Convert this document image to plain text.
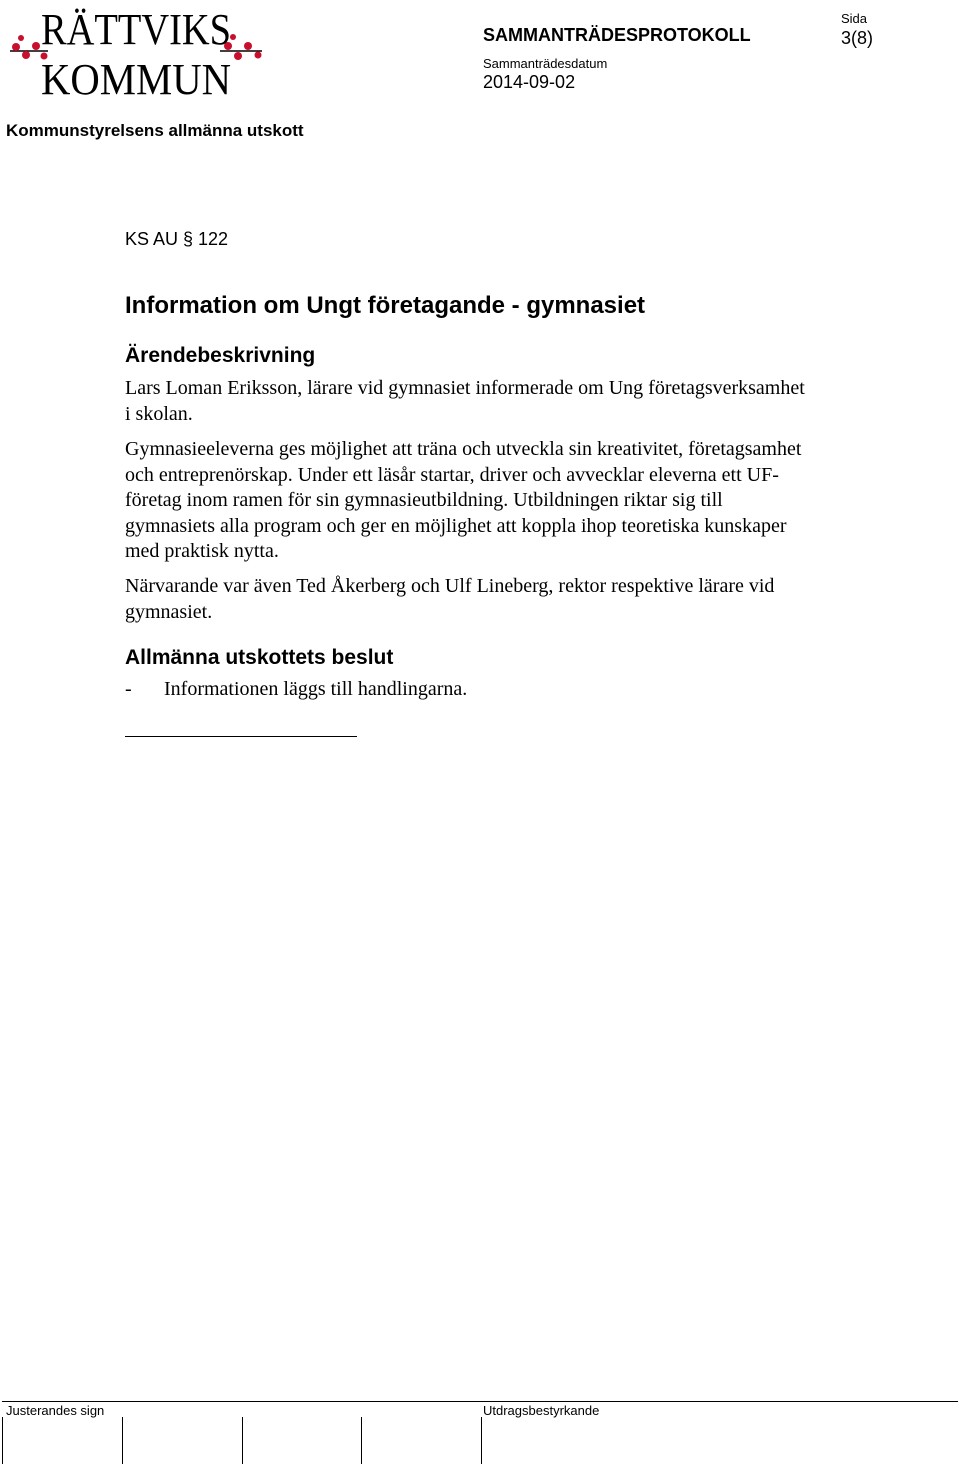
RÄTTVIKS
KOMMUN
SAMMANTRÄDESPROTOKOLL
Sida
3(8)
Sammanträdesdatum
2014-09-02
Kommunstyrelsens allmänna utskott
KS AU § 122
Information om Ungt företagande - gymnasiet
Ärendebeskrivning
Lars Loman Eriksson, lärare vid gymnasiet informerade om Ung företagsverksamhet i skolan.
Gymnasieeleverna ges möjlighet att träna och utveckla sin kreativitet, företagsamhet och entreprenörskap. Under ett läsår startar, driver och avvecklar eleverna ett UF-företag inom ramen för sin gymnasieutbildning. Utbildningen riktar sig till gymnasiets alla program och ger en möjlighet att koppla ihop teoretiska kunskaper med praktisk nytta.
Närvarande var även Ted Åkerberg och Ulf Lineberg, rektor respektive lärare vid gymnasiet.
Allmänna utskottets beslut
- Informationen läggs till handlingarna.
Justerandes sign	Utdragsbestyrkande
